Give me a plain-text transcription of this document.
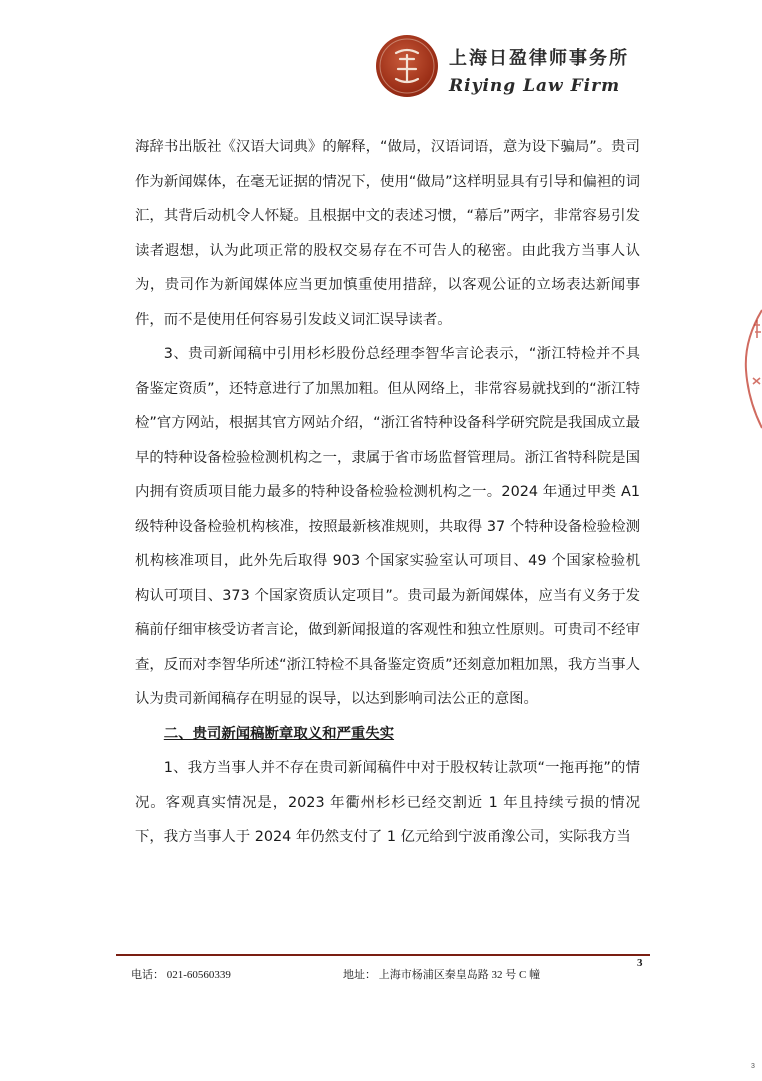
上海日盈律师事务所
Riying Law Firm

海辞书出版社《汉语大词典》的解释，“做局，汉语词语，意为设下骗局”。贵司作为新闻媒体，在毫无证据的情况下，使用“做局”这样明显具有引导和偏袒的词汇，其背后动机令人怀疑。且根据中文的表述习惯，“幕后”两字，非常容易引发读者遐想，认为此项正常的股权交易存在不可告人的秘密。由此我方当事人认为，贵司作为新闻媒体应当更加慎重使用措辞，以客观公证的立场表达新闻事件，而不是使用任何容易引发歧义词汇误导读者。

3、贵司新闻稿中引用杉杉股份总经理李智华言论表示，“浙江特检并不具备鉴定资质”，还特意进行了加黑加粗。但从网络上，非常容易就找到的“浙江特检”官方网站，根据其官方网站介绍，“浙江省特种设备科学研究院是我国成立最早的特种设备检验检测机构之一，隶属于省市场监督管理局。浙江省特科院是国内拥有资质项目能力最多的特种设备检验检测机构之一。2024 年通过甲类 A1 级特种设备检验机构核准，按照最新核准规则，共取得 37 个特种设备检验检测机构核准项目，此外先后取得 903 个国家实验室认可项目、49 个国家检验机构认可项目、373 个国家资质认定项目”。贵司最为新闻媒体，应当有义务于发稿前仔细审核受访者言论，做到新闻报道的客观性和独立性原则。可贵司不经审查，反而对李智华所述“浙江特检不具备鉴定资质”还刻意加粗加黑，我方当事人认为贵司新闻稿存在明显的误导，以达到影响司法公正的意图。

二、贵司新闻稿断章取义和严重失实

1、我方当事人并不存在贵司新闻稿件中对于股权转让款项“一拖再拖”的情况。客观真实情况是，2023 年衢州杉杉已经交割近 1 年且持续亏损的情况下，我方当事人于 2024 年仍然支付了 1 亿元给到宁波甬潒公司，实际我方当

3
电话： 021-60560339	地址： 上海市杨浦区秦皇岛路 32 号 C 幢
3
